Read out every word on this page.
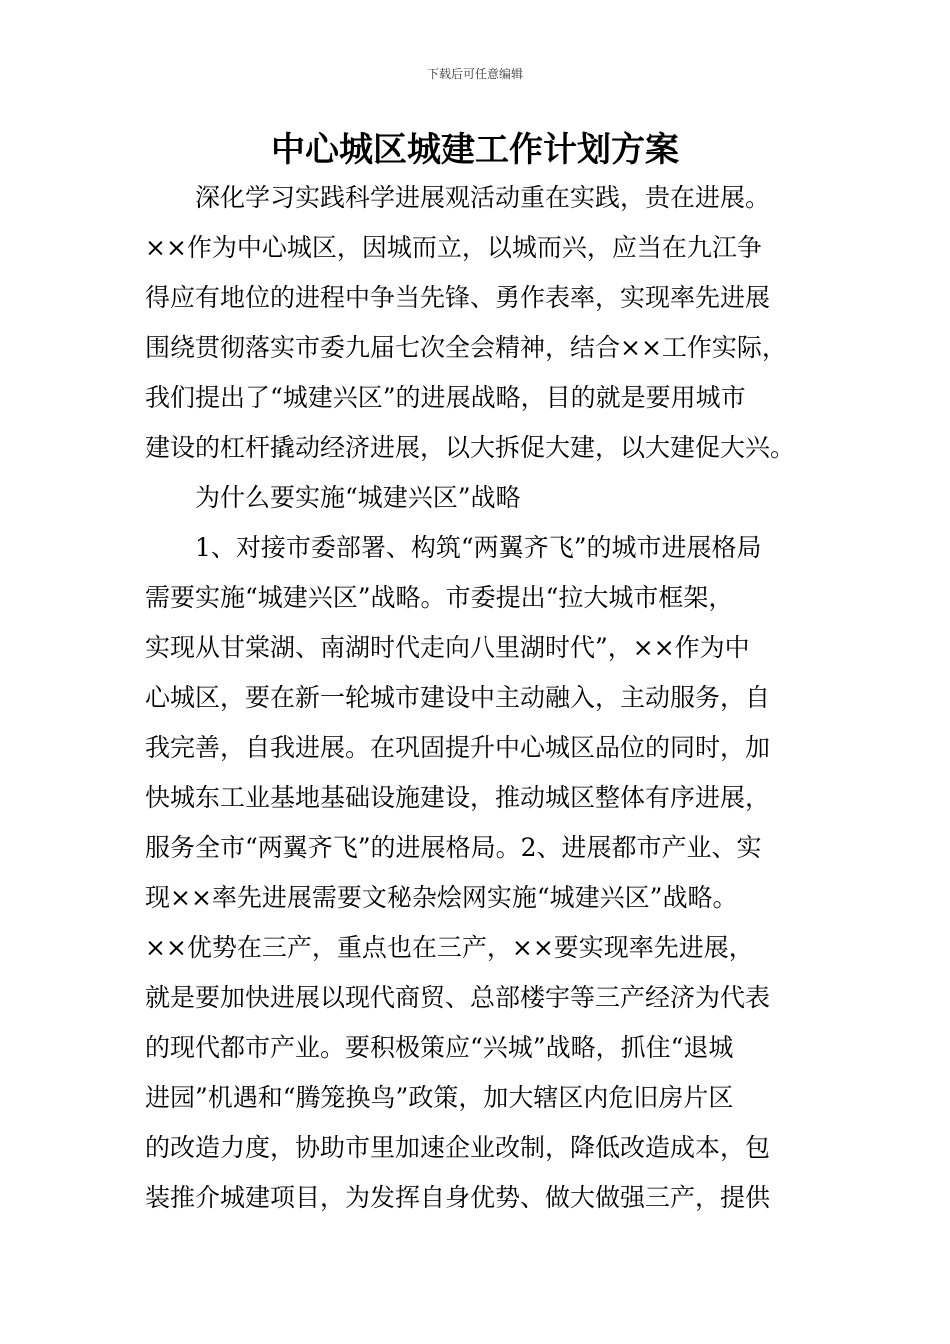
下载后可任意编辑
中心城区城建工作计划方案
深化学习实践科学进展观活动重在实践，贵在进展。
××作为中心城区，因城而立，以城而兴，应当在九江争
得应有地位的进程中争当先锋、勇作表率，实现率先进展
围绕贯彻落实市委九届七次全会精神，结合××工作实际，
我们提出了“城建兴区”的进展战略，目的就是要用城市
建设的杠杆撬动经济进展，以大拆促大建，以大建促大兴。
为什么要实施“城建兴区”战略
1、对接市委部署、构筑“两翼齐飞”的城市进展格局
需要实施“城建兴区”战略。市委提出“拉大城市框架，
实现从甘棠湖、南湖时代走向八里湖时代”，××作为中
心城区，要在新一轮城市建设中主动融入，主动服务，自
我完善，自我进展。在巩固提升中心城区品位的同时，加
快城东工业基地基础设施建设，推动城区整体有序进展，
服务全市“两翼齐飞”的进展格局。2、进展都市产业、实
现××率先进展需要文秘杂烩网实施“城建兴区”战略。
××优势在三产，重点也在三产，××要实现率先进展，
就是要加快进展以现代商贸、总部楼宇等三产经济为代表
的现代都市产业。要积极策应“兴城”战略，抓住“退城
进园”机遇和“腾笼换鸟”政策，加大辖区内危旧房片区
的改造力度，协助市里加速企业改制，降低改造成本，包
装推介城建项目，为发挥自身优势、做大做强三产，提供
